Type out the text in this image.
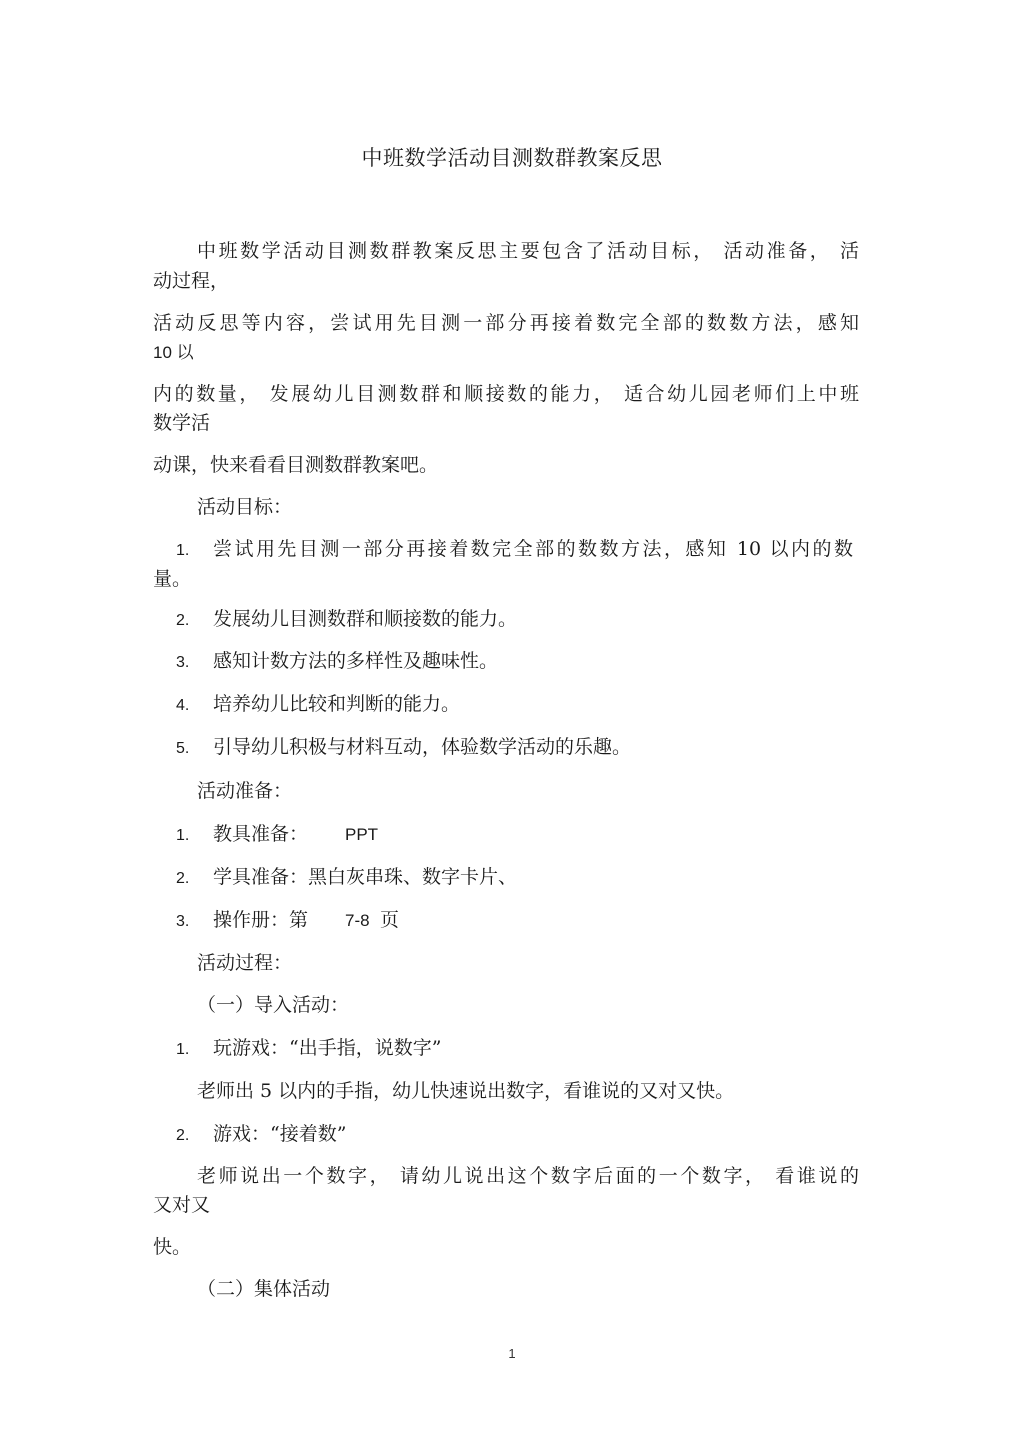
中班数学活动目测数群教案反思
中班数学活动目测数群教案反思主要包含了活动目标， 活动准备， 活
动过程，
活动反思等内容，尝试用先目测一部分再接着数完全部的数数方法，感知
10 以
内的数量， 发展幼儿目测数群和顺接数的能力， 适合幼儿园老师们上中班
数学活
动课，快来看看目测数群教案吧。
活动目标：
1. 尝试用先目测一部分再接着数完全部的数数方法，感知 10 以内的数
量。
2. 发展幼儿目测数群和顺接数的能力。
3. 感知计数方法的多样性及趣味性。
4. 培养幼儿比较和判断的能力。
5. 引导幼儿积极与材料互动，体验数学活动的乐趣。
活动准备：
1. 教具准备： PPT
2. 学具准备：黑白灰串珠、数字卡片、
3. 操作册：第 7-8 页
活动过程：
（一）导入活动：
1. 玩游戏：“出手指，说数字”
老师出 5 以内的手指，幼儿快速说出数字，看谁说的又对又快。
2. 游戏：“接着数”
老师说出一个数字， 请幼儿说出这个数字后面的一个数字， 看谁说的
又对又
快。
（二）集体活动
1
